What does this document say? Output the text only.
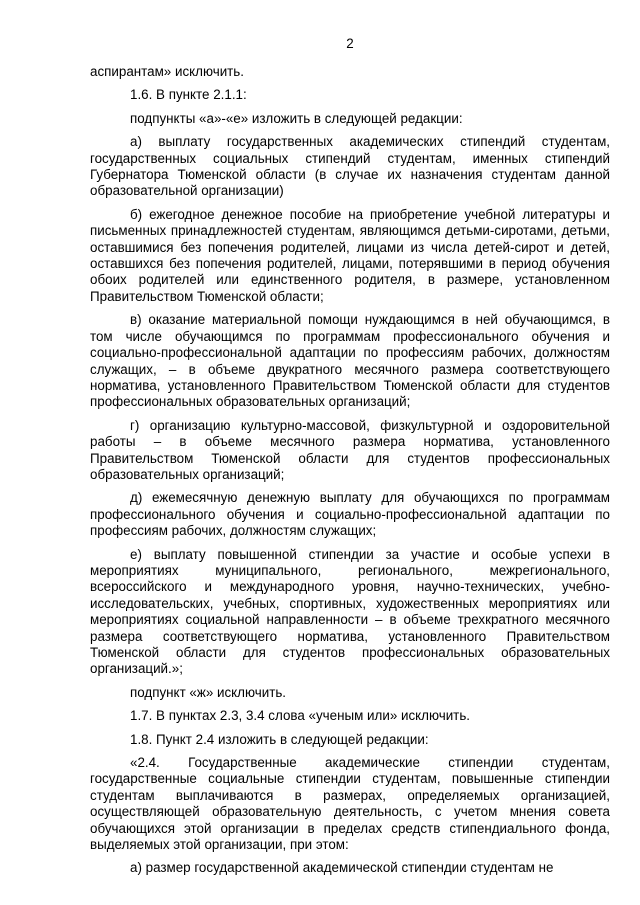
2

аспирантам» исключить.

1.6. В пункте 2.1.1:

подпункты «а»-«е» изложить в следующей редакции:

а) выплату государственных академических стипендий студентам, государственных социальных стипендий студентам, именных стипендий Губернатора Тюменской области (в случае их назначения студентам данной образовательной организации)

б) ежегодное денежное пособие на приобретение учебной литературы и письменных принадлежностей студентам, являющимся детьми-сиротами, детьми, оставшимися без попечения родителей, лицами из числа детей-сирот и детей, оставшихся без попечения родителей, лицами, потерявшими в период обучения обоих родителей или единственного родителя, в размере, установленном Правительством Тюменской области;

в) оказание материальной помощи нуждающимся в ней обучающимся, в том числе обучающимся по программам профессионального обучения и социально-профессиональной адаптации по профессиям рабочих, должностям служащих, – в объеме двукратного месячного размера соответствующего норматива, установленного Правительством Тюменской области для студентов профессиональных образовательных организаций;

г) организацию культурно-массовой, физкультурной и оздоровительной работы – в объеме месячного размера норматива, установленного Правительством Тюменской области для студентов профессиональных образовательных организаций;

д) ежемесячную денежную выплату для обучающихся по программам профессионального обучения и социально-профессиональной адаптации по профессиям рабочих, должностям служащих;

е) выплату повышенной стипендии за участие и особые успехи в мероприятиях муниципального, регионального, межрегионального, всероссийского и международного уровня, научно-технических, учебно-исследовательских, учебных, спортивных, художественных мероприятиях или мероприятиях социальной направленности – в объеме трехкратного месячного размера соответствующего норматива, установленного Правительством Тюменской области для студентов профессиональных образовательных организаций.»;

подпункт «ж» исключить.

1.7. В пунктах 2.3, 3.4 слова «ученым или» исключить.

1.8. Пункт 2.4 изложить в следующей редакции:

«2.4. Государственные академические стипендии студентам, государственные социальные стипендии студентам, повышенные стипендии студентам выплачиваются в размерах, определяемых организацией, осуществляющей образовательную деятельность, с учетом мнения совета обучающихся этой организации в пределах средств стипендиального фонда, выделяемых этой организации, при этом:

а) размер государственной академической стипендии студентам не
